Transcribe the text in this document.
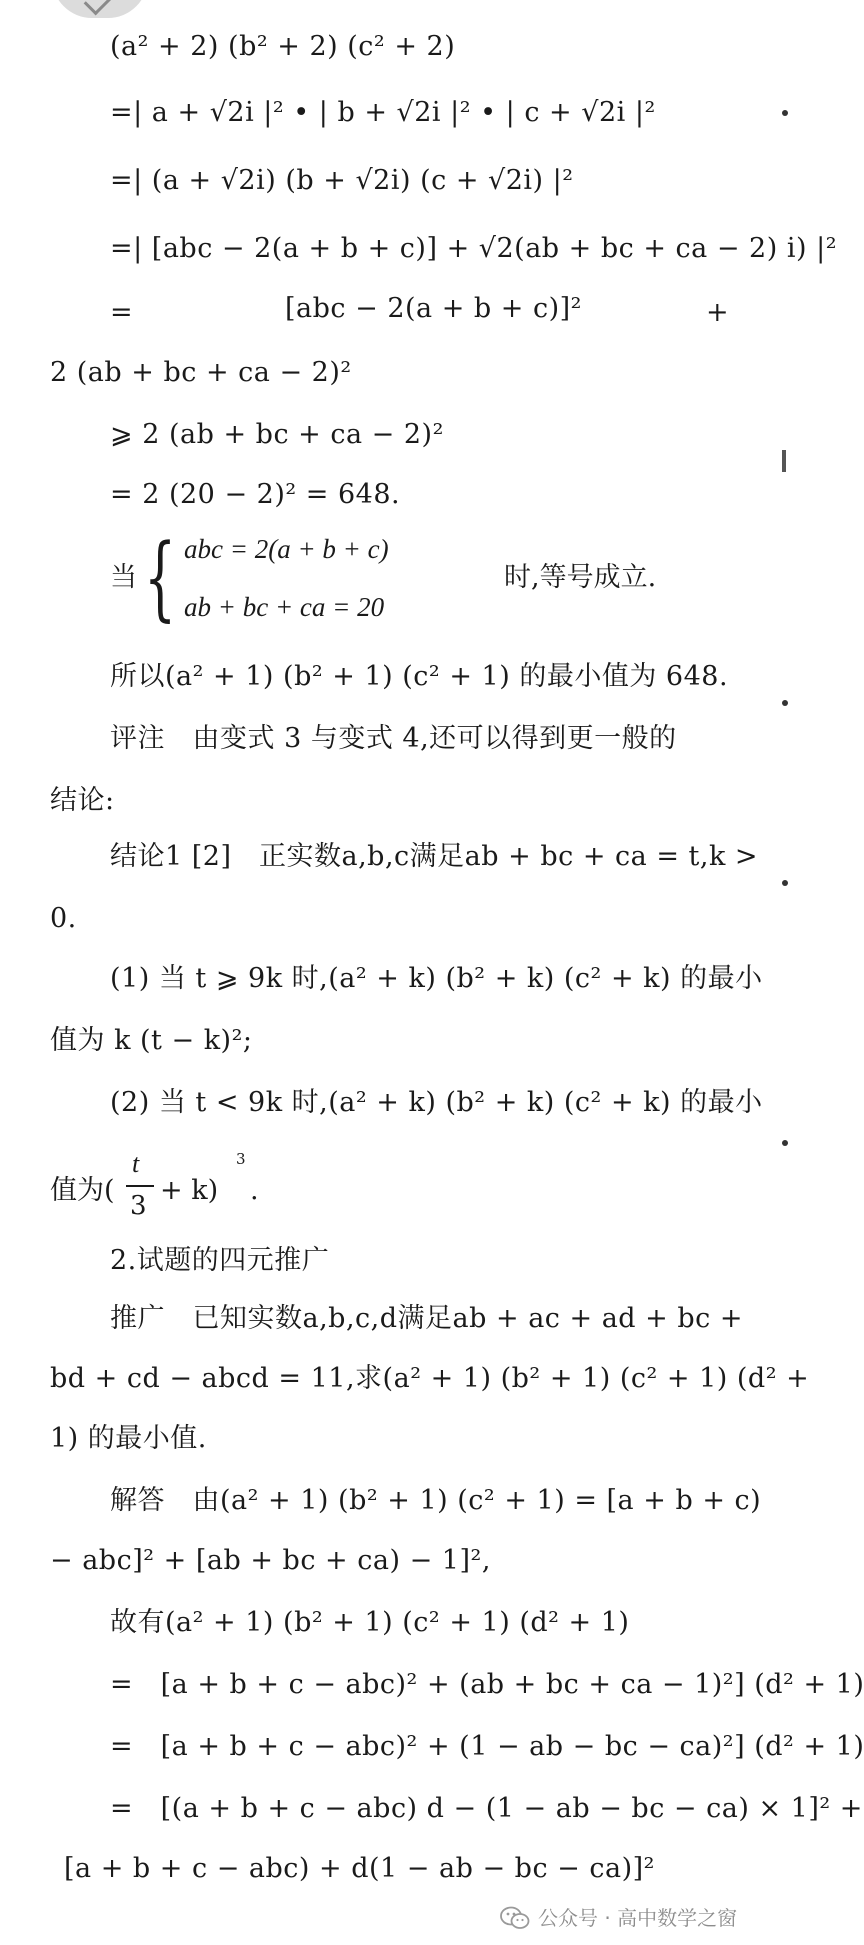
(a² + 2) (b² + 2) (c² + 2)
=| a + √2i |² • | b + √2i |² • | c + √2i |²
=| (a + √2i) (b + √2i) (c + √2i) |²
=| [abc − 2(a + b + c)] + √2(ab + bc + ca − 2) i) |²
=	[abc − 2(a + b + c)]²	+
2 (ab + bc + ca − 2)²
⩾ 2 (ab + bc + ca − 2)²
= 2 (20 − 2)² = 648.
当 { abc = 2(a + b + c)
ab + bc + ca = 20
时,等号成立.
所以(a² + 1) (b² + 1) (c² + 1) 的最小值为 648.
评注　由变式 3 与变式 4,还可以得到更一般的
结论:
结论1 [2]　正实数a,b,c满足ab + bc + ca = t,k >
0.
(1) 当 t ⩾ 9k 时,(a² + k) (b² + k) (c² + k) 的最小
值为 k (t − k)²;
(2) 当 t < 9k 时,(a² + k) (b² + k) (c² + k) 的最小
值为(
t
3 + k)
3
.
2.试题的四元推广
推广　已知实数a,b,c,d满足ab + ac + ad + bc +
bd + cd − abcd = 11,求(a² + 1) (b² + 1) (c² + 1) (d² +
1) 的最小值.
解答　由(a² + 1) (b² + 1) (c² + 1) = [a + b + c)
− abc]² + [ab + bc + ca) − 1]²,
故有(a² + 1) (b² + 1) (c² + 1) (d² + 1)
=　[a + b + c − abc)² + (ab + bc + ca − 1)²] (d² + 1)
=　[a + b + c − abc)² + (1 − ab − bc − ca)²] (d² + 1)
=　[(a + b + c − abc) d − (1 − ab − bc − ca) × 1]² +
[a + b + c − abc) + d(1 − ab − bc − ca)]²
公众号 · 高中数学之窗
